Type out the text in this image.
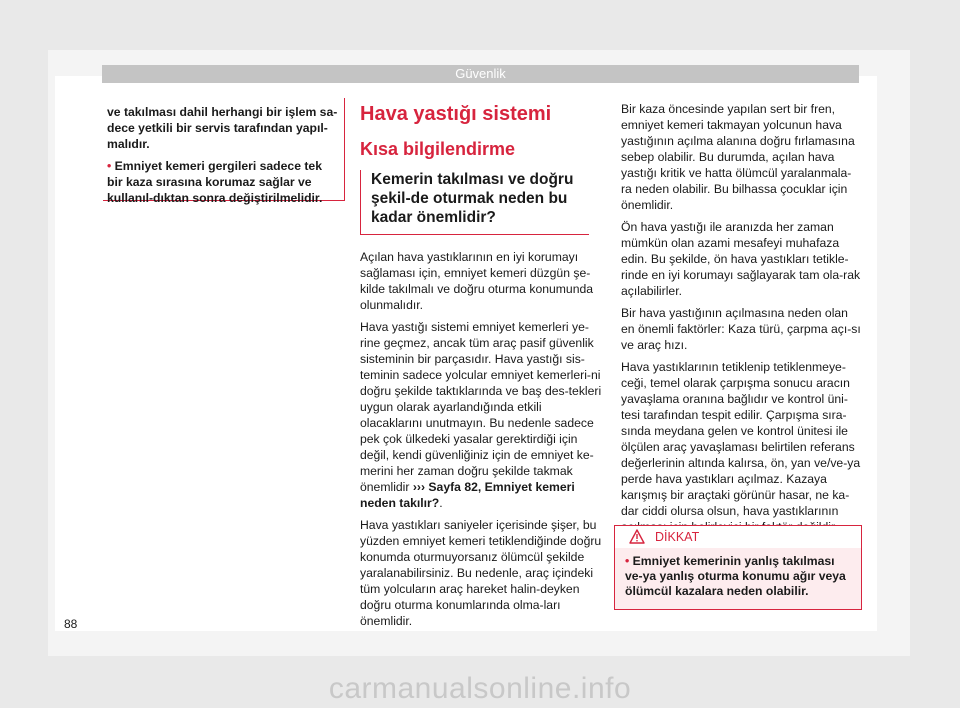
Güvenlik

ve takılması dahil herhangi bir işlem sa-dece yetkili bir servis tarafından yapıl-malıdır.

• Emniyet kemeri gergileri sadece tek bir kaza sırasına korumaz sağlar ve kullanıl-dıktan sonra değiştirilmelidir.

Hava yastığı sistemi
Kısa bilgilendirme
Kemerin takılması ve doğru şekil-de oturmak neden bu kadar önemlidir?

Açılan hava yastıklarının en iyi korumayı sağlaması için, emniyet kemeri düzgün şe-kilde takılmalı ve doğru oturma konumunda olunmalıdır.

Hava yastığı sistemi emniyet kemerleri ye-rine geçmez, ancak tüm araç pasif güvenlik sisteminin bir parçasıdır. Hava yastığı sis-teminin sadece yolcular emniyet kemerleri-ni doğru şekilde taktıklarında ve baş des-tekleri uygun olarak ayarlandığında etkili olacaklarını unutmayın. Bu nedenle sadece pek çok ülkedeki yasalar gerektirdiği için değil, kendi güvenliğiniz için de emniyet ke-merini her zaman doğru şekilde takmak önemlidir ››› Sayfa 82, Emniyet kemeri neden takılır?.

Hava yastıkları saniyeler içerisinde şişer, bu yüzden emniyet kemeri tetiklendiğinde doğru konumda oturmuyorsanız ölümcül şekilde yaralanabilirsiniz. Bu nedenle, araç içindeki tüm yolcuların araç hareket halin-deyken doğru oturma konumlarında olma-ları önemlidir.

Bir kaza öncesinde yapılan sert bir fren, emniyet kemeri takmayan yolcunun hava yastığının açılma alanına doğru fırlamasına sebep olabilir. Bu durumda, açılan hava yastığı kritik ve hatta ölümcül yaralanmala-ra neden olabilir. Bu bilhassa çocuklar için önemlidir.

Ön hava yastığı ile aranızda her zaman mümkün olan azami mesafeyi muhafaza edin. Bu şekilde, ön hava yastıkları tetikle-rinde en iyi korumayı sağlayarak tam ola-rak açılabilirler.

Bir hava yastığının açılmasına neden olan en önemli faktörler: Kaza türü, çarpma açı-sı ve araç hızı.

Hava yastıklarının tetiklenip tetiklenmeye-ceği, temel olarak çarpışma sonucu aracın yavaşlama oranına bağlıdır ve kontrol üni-tesi tarafından tespit edilir. Çarpışma sıra-sında meydana gelen ve kontrol ünitesi ile ölçülen araç yavaşlaması belirtilen referans değerlerinin altında kalırsa, ön, yan ve/ve-ya perde hava yastıkları açılmaz. Kazaya karışmış bir araçtaki görünür hasar, ne ka-dar ciddi olursa olsun, hava yastıklarının

DİKKAT
• Emniyet kemerinin yanlış takılması ve-ya yanlış oturma konumu ağır veya ölümcül kazalara neden olabilir.
88
carmanualsonline.info
